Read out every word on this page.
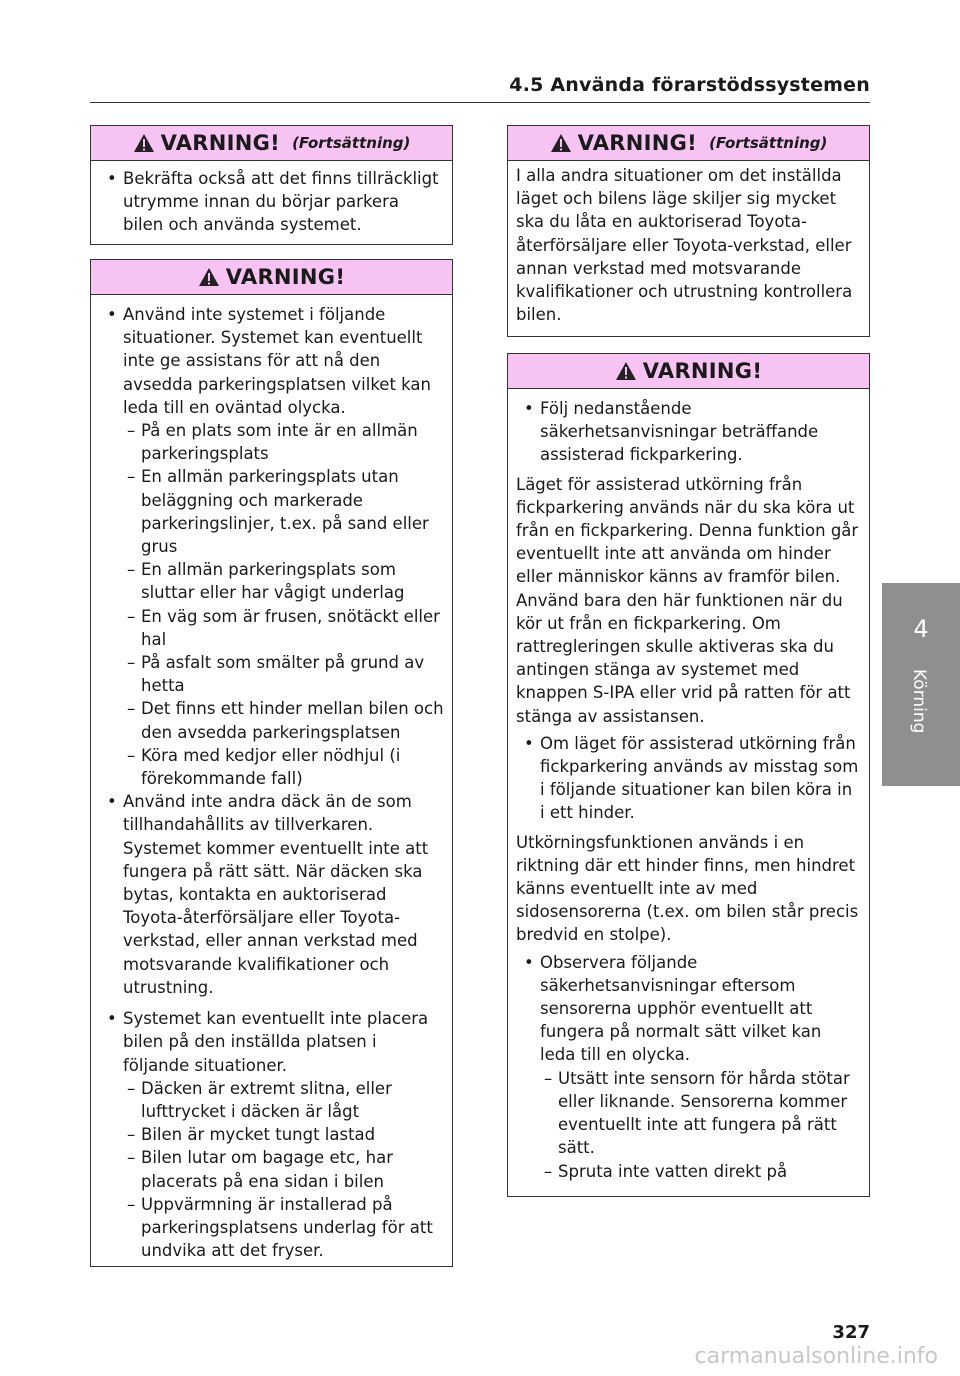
4.5 Använda förarstödssystemen
VARNING! (Fortsättning)
• Bekräfta också att det finns tillräckligt utrymme innan du börjar parkera bilen och använda systemet.
VARNING!
• Använd inte systemet i följande situationer. Systemet kan eventuellt inte ge assistans för att nå den avsedda parkeringsplatsen vilket kan leda till en oväntad olycka.
– På en plats som inte är en allmän parkeringsplats
– En allmän parkeringsplats utan beläggning och markerade parkeringslinjer, t.ex. på sand eller grus
– En allmän parkeringsplats som sluttar eller har vågigt underlag
– En väg som är frusen, snötäckt eller hal
– På asfalt som smälter på grund av hetta
– Det finns ett hinder mellan bilen och den avsedda parkeringsplatsen
– Köra med kedjor eller nödhjul (i förekommande fall)
• Använd inte andra däck än de som tillhandahållits av tillverkaren. Systemet kommer eventuellt inte att fungera på rätt sätt. När däcken ska bytas, kontakta en auktoriserad Toyota-återförsäljare eller Toyota-verkstad, eller annan verkstad med motsvarande kvalifikationer och utrustning.
• Systemet kan eventuellt inte placera bilen på den inställda platsen i följande situationer.
– Däcken är extremt slitna, eller lufttrycket i däcken är lågt
– Bilen är mycket tungt lastad
– Bilen lutar om bagage etc, har placerats på ena sidan i bilen
– Uppvärmning är installerad på parkeringsplatsens underlag för att undvika att det fryser.
VARNING! (Fortsättning)

I alla andra situationer om det inställda läget och bilens läge skiljer sig mycket ska du låta en auktoriserad Toyota-återförsäljare eller Toyota-verkstad, eller annan verkstad med motsvarande kvalifikationer och utrustning kontrollera bilen.

VARNING!
• Följ nedanstående säkerhetsanvisningar beträffande assisterad fickparkering.

Läget för assisterad utkörning från fickparkering används när du ska köra ut från en fickparkering. Denna funktion går eventuellt inte att använda om hinder eller människor känns av framför bilen. Använd bara den här funktionen när du kör ut från en fickparkering. Om rattregleringen skulle aktiveras ska du antingen stänga av systemet med knappen S-IPA eller vrid på ratten för att stänga av assistansen.

• Om läget för assisterad utkörning från fickparkering används av misstag som i följande situationer kan bilen köra in i ett hinder.

Utkörningsfunktionen används i en riktning där ett hinder finns, men hindret känns eventuellt inte av med sidosensorerna (t.ex. om bilen står precis bredvid en stolpe).

• Observera följande säkerhetsanvisningar eftersom sensorerna upphör eventuellt att fungera på normalt sätt vilket kan leda till en olycka.
– Utsätt inte sensorn för hårda stötar eller liknande. Sensorerna kommer eventuellt inte att fungera på rätt sätt.
– Spruta inte vatten direkt på
4
Körning
327
carmanualsonline.info
